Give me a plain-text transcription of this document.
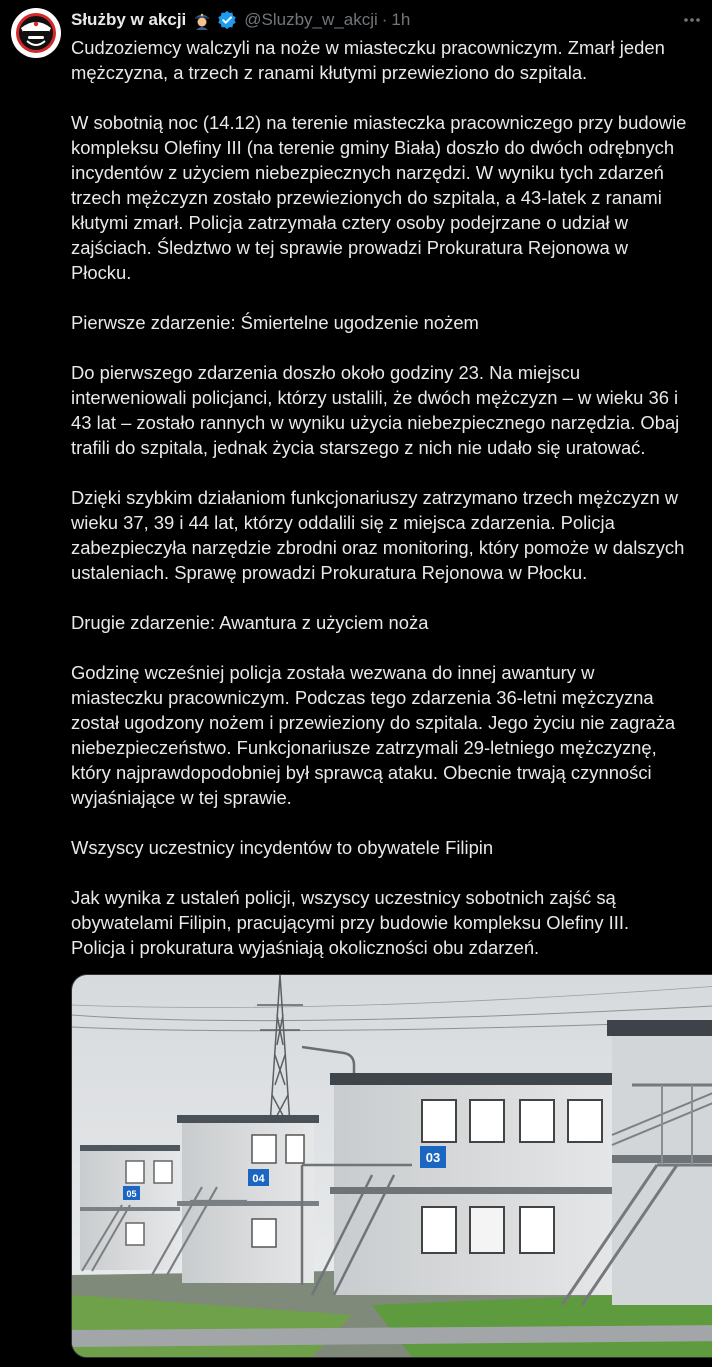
Służby w akcji	@Sluzby_w_akcji · 1h

Cudzoziemcy walczyli na noże w miasteczku pracowniczym. Zmarł jeden
mężczyzna, a trzech z ranami kłutymi przewieziono do szpitala.

W sobotnią noc (14.12) na terenie miasteczka pracowniczego przy budowie
kompleksu Olefiny III (na terenie gminy Biała) doszło do dwóch odrębnych
incydentów z użyciem niebezpiecznych narzędzi. W wyniku tych zdarzeń
trzech mężczyzn zostało przewiezionych do szpitala, a 43-latek z ranami
kłutymi zmarł. Policja zatrzymała cztery osoby podejrzane o udział w
zajściach. Śledztwo w tej sprawie prowadzi Prokuratura Rejonowa w
Płocku.

Pierwsze zdarzenie: Śmiertelne ugodzenie nożem

Do pierwszego zdarzenia doszło około godziny 23. Na miejscu
interweniowali policjanci, którzy ustalili, że dwóch mężczyzn – w wieku 36 i
43 lat – zostało rannych w wyniku użycia niebezpiecznego narzędzia. Obaj
trafili do szpitala, jednak życia starszego z nich nie udało się uratować.

Dzięki szybkim działaniom funkcjonariuszy zatrzymano trzech mężczyzn w
wieku 37, 39 i 44 lat, którzy oddalili się z miejsca zdarzenia. Policja
zabezpieczyła narzędzie zbrodni oraz monitoring, który pomoże w dalszych
ustaleniach. Sprawę prowadzi Prokuratura Rejonowa w Płocku.

Drugie zdarzenie: Awantura z użyciem noża

Godzinę wcześniej policja została wezwana do innej awantury w
miasteczku pracowniczym. Podczas tego zdarzenia 36-letni mężczyzna
został ugodzony nożem i przewieziony do szpitala. Jego życiu nie zagraża
niebezpieczeństwo. Funkcjonariusze zatrzymali 29-letniego mężczyznę,
który najprawdopodobniej był sprawcą ataku. Obecnie trwają czynności
wyjaśniające w tej sprawie.

Wszyscy uczestnicy incydentów to obywatele Filipin

Jak wynika z ustaleń policji, wszyscy uczestnicy sobotnich zajść są
obywatelami Filipin, pracującymi przy budowie kompleksu Olefiny III.
Policja i prokuratura wyjaśniają okoliczności obu zdarzeń.

05
04
03
